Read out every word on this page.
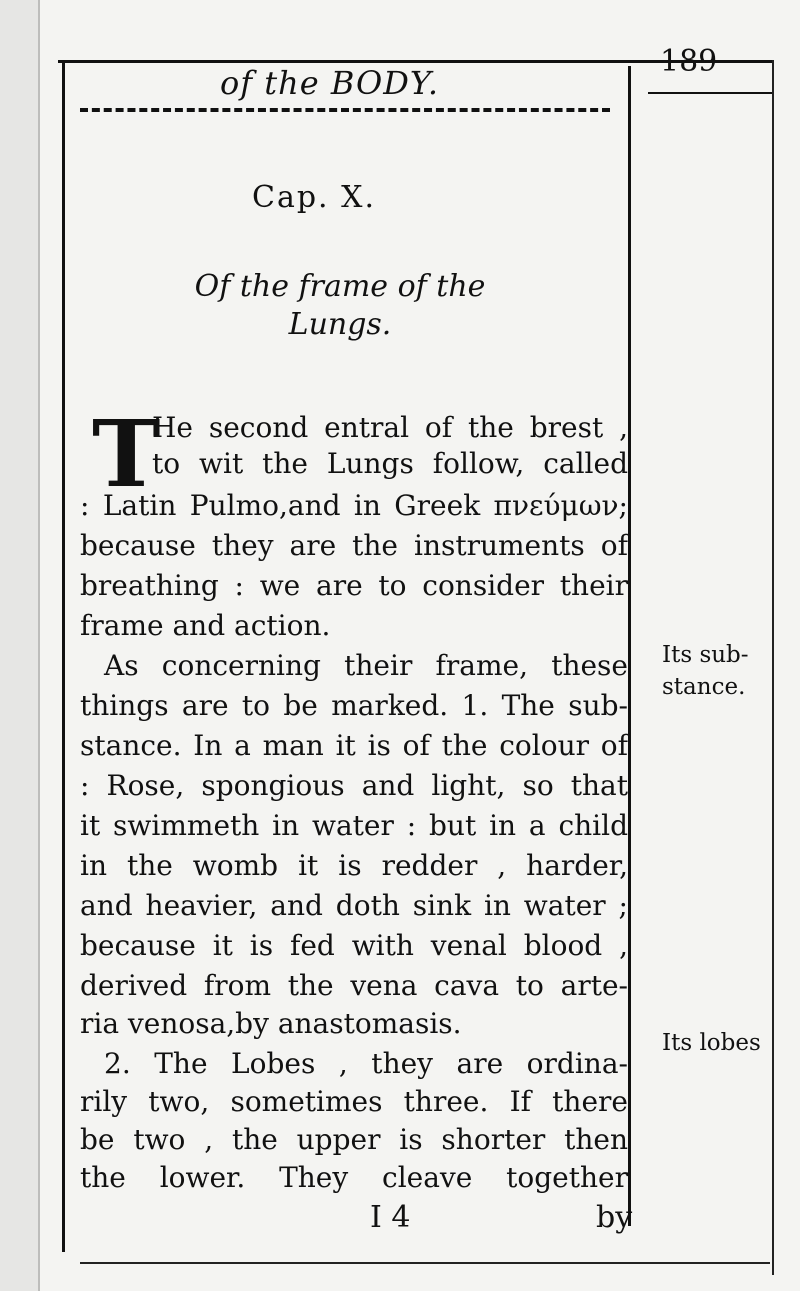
of the BODY.
189
Cap. X.
Of the frame of the
Lungs.
T
He second entral of the brest ,
to wit the Lungs follow, called
: Latin Pulmo,and in Greek πνεύμων;
because they are the instruments of
breathing : we are to consider their
frame and action.
As concerning their frame, these
things are to be marked. 1. The sub-
stance. In a man it is of the colour of
: Rose, spongious and light, so that
it swimmeth in water : but in a child
in the womb it is redder , harder,
and heavier, and doth sink in water ;
because it is fed with venal blood ,
derived from the vena cava to arte-
ria venosa,by anastomasis.
2. The Lobes , they are ordina-
rily two, sometimes three. If there
be two , the upper is shorter then
the lower. They cleave together
Its sub-
stance.
Its lobes
I 4	by
